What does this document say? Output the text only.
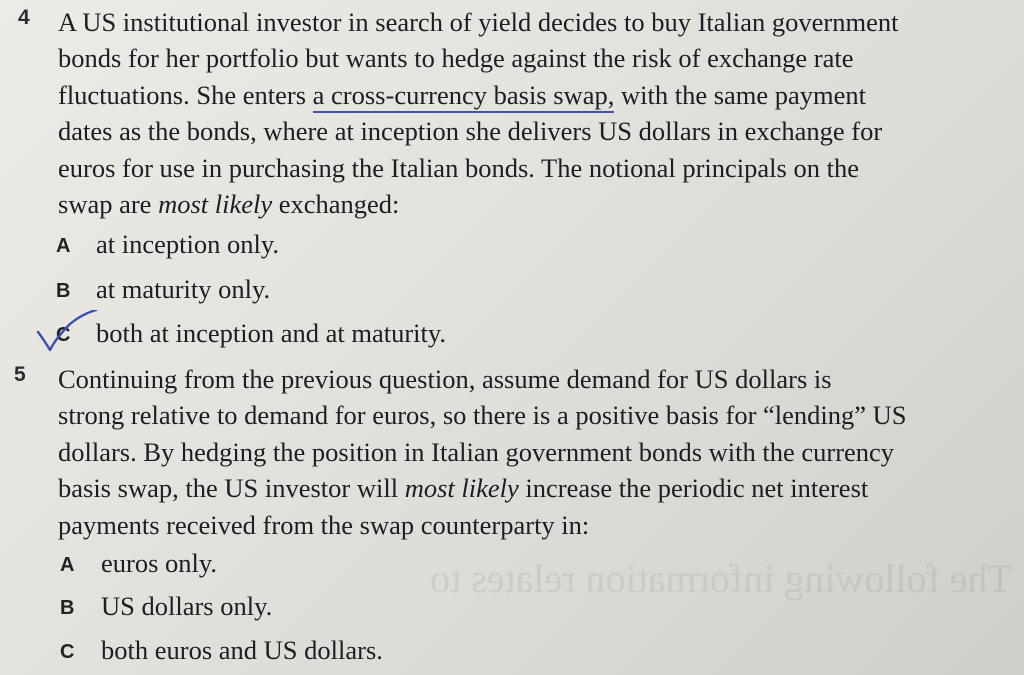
The following information relates to
4 A US institutional investor in search of yield decides to buy Italian government
bonds for her portfolio but wants to hedge against the risk of exchange rate
fluctuations. She enters a cross-currency basis swap, with the same payment
dates as the bonds, where at inception she delivers US dollars in exchange for
euros for use in purchasing the Italian bonds. The notional principals on the
swap are most likely exchanged:
A at inception only.
B at maturity only.
C both at inception and at maturity.
5 Continuing from the previous question, assume demand for US dollars is
strong relative to demand for euros, so there is a positive basis for “lending” US
dollars. By hedging the position in Italian government bonds with the currency
basis swap, the US investor will most likely increase the periodic net interest
payments received from the swap counterparty in:
A euros only.
B US dollars only.
C both euros and US dollars.
